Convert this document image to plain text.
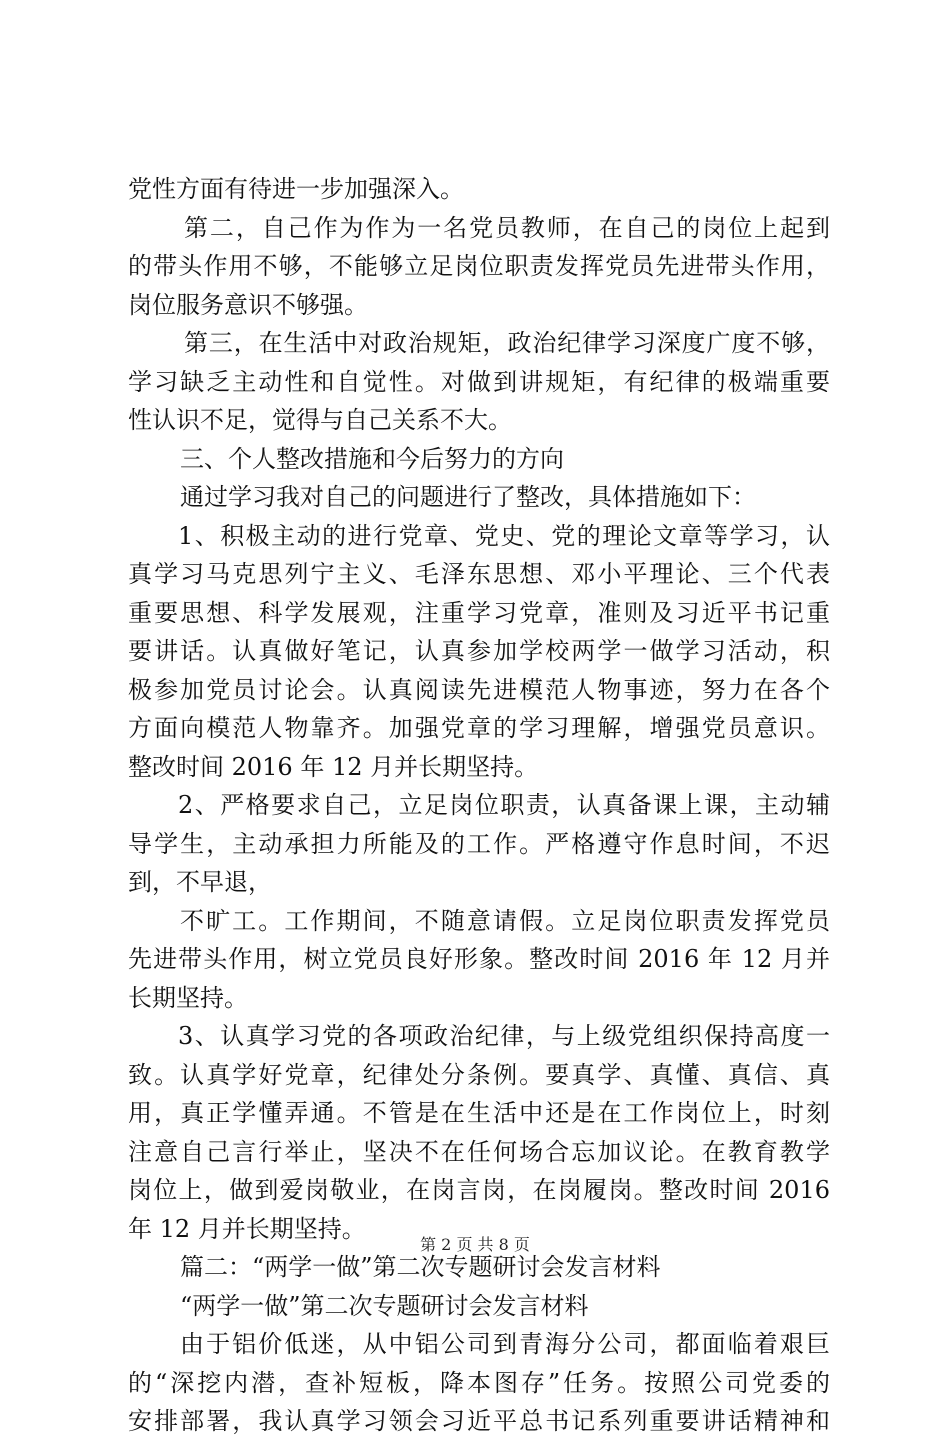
党性方面有待进一步加强深入。
第二，自己作为作为一名党员教师，在自己的岗位上起到
的带头作用不够，不能够立足岗位职责发挥党员先进带头作用，
岗位服务意识不够强。
第三，在生活中对政治规矩，政治纪律学习深度广度不够，
学习缺乏主动性和自觉性。对做到讲规矩，有纪律的极端重要
性认识不足，觉得与自己关系不大。
三、个人整改措施和今后努力的方向
通过学习我对自己的问题进行了整改，具体措施如下：
1、积极主动的进行党章、党史、党的理论文章等学习，认
真学习马克思列宁主义、毛泽东思想、邓小平理论、三个代表
重要思想、科学发展观，注重学习党章，准则及习近平书记重
要讲话。认真做好笔记，认真参加学校两学一做学习活动，积
极参加党员讨论会。认真阅读先进模范人物事迹，努力在各个
方面向模范人物靠齐。加强党章的学习理解，增强党员意识。
整改时间 2016 年 12 月并长期坚持。
2、严格要求自己，立足岗位职责，认真备课上课，主动辅
导学生，主动承担力所能及的工作。严格遵守作息时间，不迟
到，不早退，
不旷工。工作期间，不随意请假。立足岗位职责发挥党员
先进带头作用，树立党员良好形象。整改时间 2016 年 12 月并
长期坚持。
3、认真学习党的各项政治纪律，与上级党组织保持高度一
致。认真学好党章，纪律处分条例。要真学、真懂、真信、真
用，真正学懂弄通。不管是在生活中还是在工作岗位上，时刻
注意自己言行举止，坚决不在任何场合忘加议论。在教育教学
岗位上，做到爱岗敬业，在岗言岗，在岗履岗。整改时间 2016
年 12 月并长期坚持。
篇二：“两学一做”第二次专题研讨会发言材料
“两学一做”第二次专题研讨会发言材料
由于铝价低迷，从中铝公司到青海分公司，都面临着艰巨
的“深挖内潜，查补短板，降本图存”任务。按照公司党委的
安排部署，我认真学习领会习近平总书记系列重要讲话精神和
第 2 页 共 8 页
